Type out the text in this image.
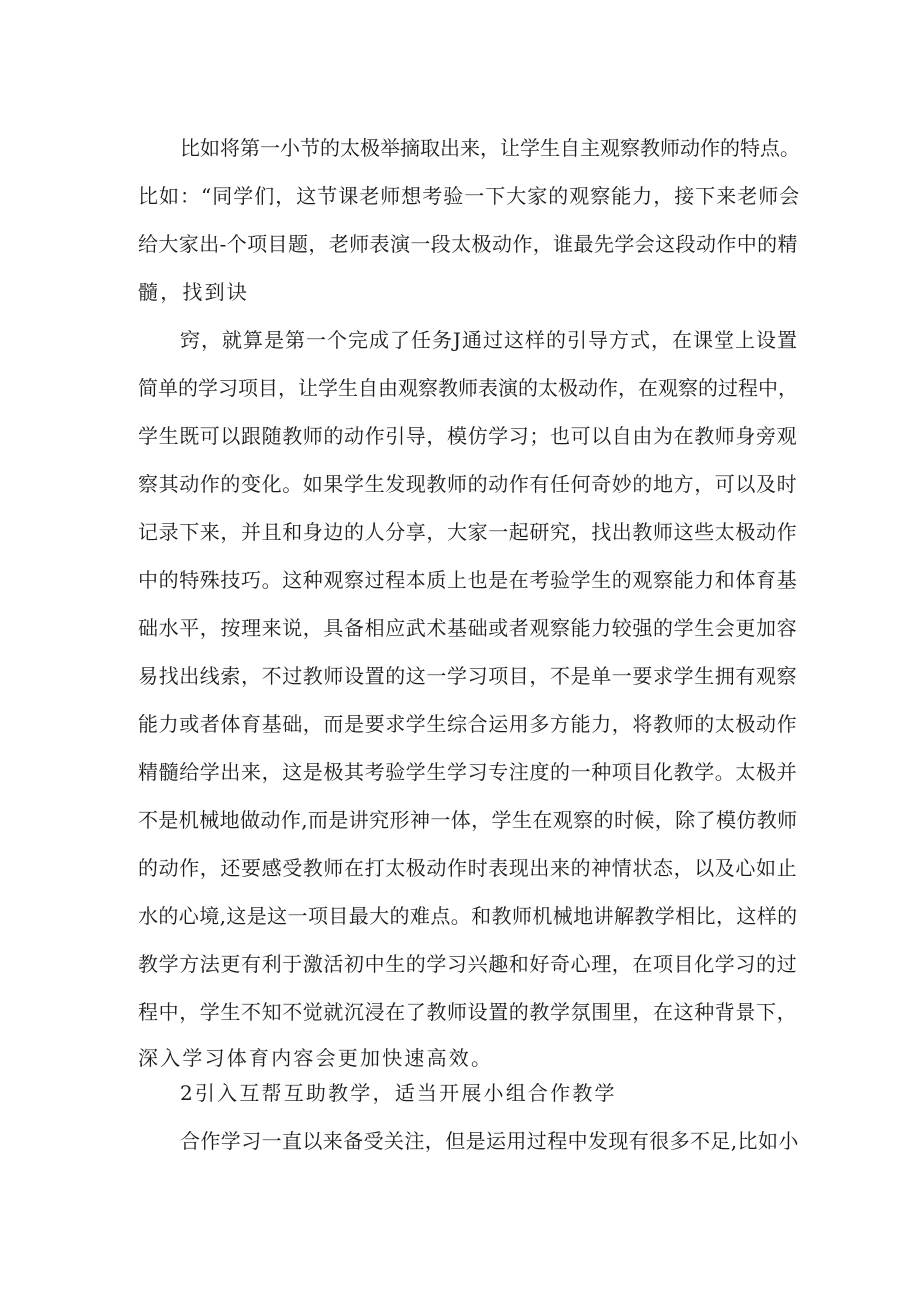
比如将第一小节的太极举摘取出来，让学生自主观察教师动作的特点。
比如：“同学们，这节课老师想考验一下大家的观察能力，接下来老师会
给大家出-个项目题，老师表演一段太极动作，谁最先学会这段动作中的精
髓，找到诀
窍，就算是第一个完成了任务J通过这样的引导方式，在课堂上设置
简单的学习项目，让学生自由观察教师表演的太极动作，在观察的过程中，
学生既可以跟随教师的动作引导，模仿学习；也可以自由为在教师身旁观
察其动作的变化。如果学生发现教师的动作有任何奇妙的地方，可以及时
记录下来，并且和身边的人分享，大家一起研究，找出教师这些太极动作
中的特殊技巧。这种观察过程本质上也是在考验学生的观察能力和体育基
础水平，按理来说，具备相应武术基础或者观察能力较强的学生会更加容
易找出线索，不过教师设置的这一学习项目，不是单一要求学生拥有观察
能力或者体育基础，而是要求学生综合运用多方能力，将教师的太极动作
精髓给学出来，这是极其考验学生学习专注度的一种项目化教学。太极并
不是机械地做动作,而是讲究形神一体，学生在观察的时候，除了模仿教师
的动作，还要感受教师在打太极动作时表现出来的神情状态，以及心如止
水的心境,这是这一项目最大的难点。和教师机械地讲解教学相比，这样的
教学方法更有利于激活初中生的学习兴趣和好奇心理，在项目化学习的过
程中，学生不知不觉就沉浸在了教师设置的教学氛围里，在这种背景下，
深入学习体育内容会更加快速高效。
2引入互帮互助教学，适当开展小组合作教学
合作学习一直以来备受关注，但是运用过程中发现有很多不足,比如小
